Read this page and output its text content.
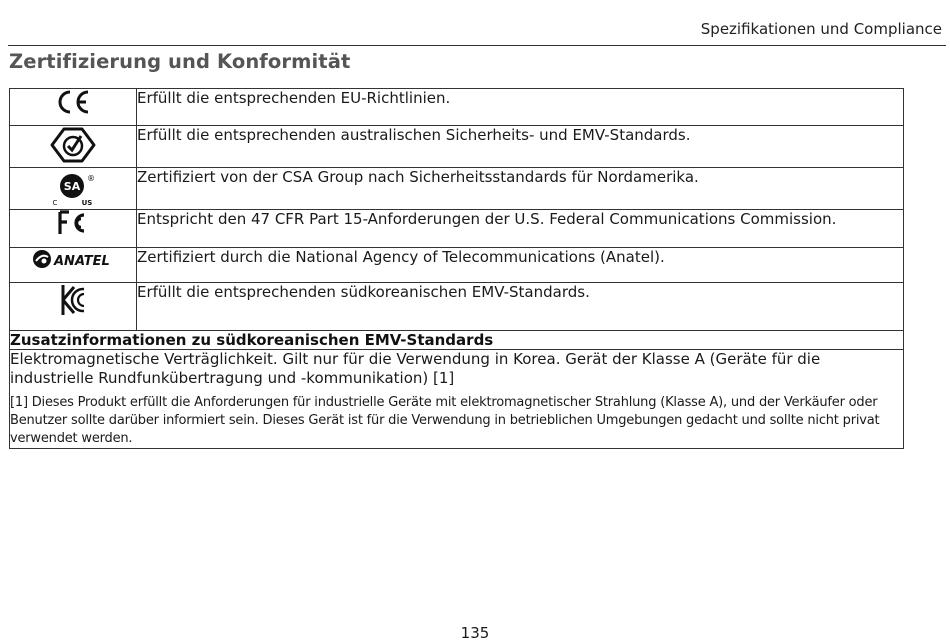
Spezifikationen und Compliance
Zertifizierung und Konformität
	Erfüllt die entsprechenden EU-Richtlinien.
	Erfüllt die entsprechenden australischen Sicherheits- und EMV-Standards.

SA
®
C US	Zertifiziert von der CSA Group nach Sicherheitsstandards für Nordamerika.
	Entspricht den 47 CFR Part 15-Anforderungen der U.S. Federal Communications Commission.

ANATEL	Zertifiziert durch die National Agency of Telecommunications (Anatel).
	Erfüllt die entsprechenden südkoreanischen EMV-Standards.
Zusatzinformationen zu südkoreanischen EMV-Standards	

Elektromagnetische Verträglichkeit. Gilt nur für die Verwendung in Korea. Gerät der Klasse A (Geräte für die industrielle Rundfunkübertragung und -kommunikation) [1]
[1] Dieses Produkt erfüllt die Anforderungen für industrielle Geräte mit elektromagnetischer Strahlung (Klasse A), und der Verkäufer oder Benutzer sollte darüber informiert sein. Dieses Gerät ist für die Verwendung in betrieblichen Umgebungen gedacht und sollte nicht privat verwendet werden.	
135
